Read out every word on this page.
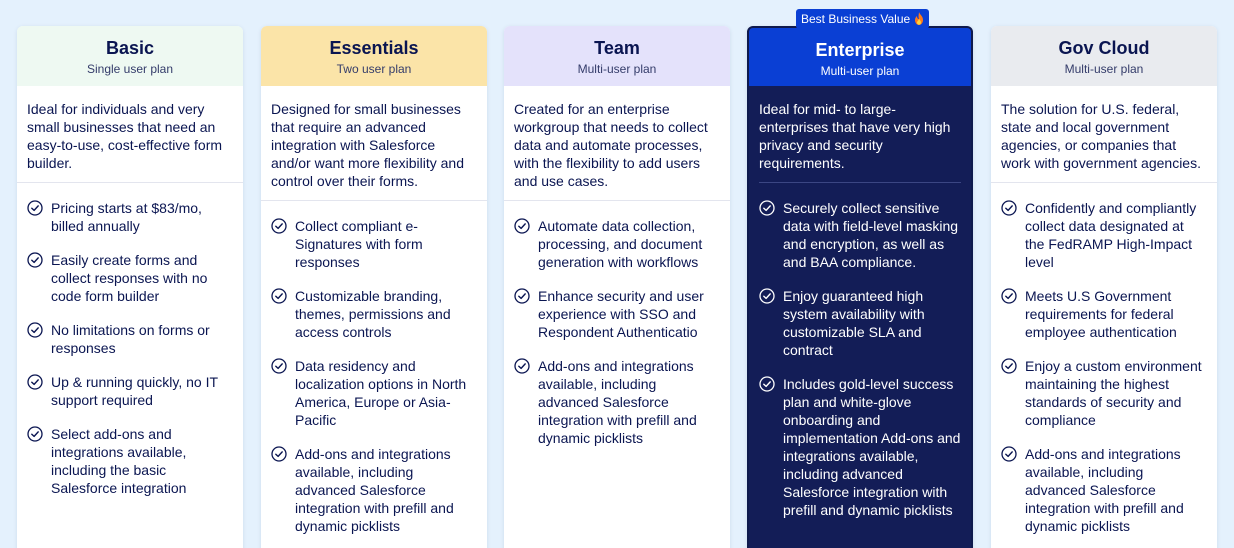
Best Business Value
Basic
Single user plan
Ideal for individuals and very small businesses that need an easy-to-use, cost-effective form builder.
Pricing starts at $83/mo, billed annually
Easily create forms and collect responses with no code form builder
No limitations on forms or responses
Up & running quickly, no IT support required
Select add-ons and integrations available, including the basic Salesforce integration
Essentials
Two user plan
Designed for small businesses that require an advanced integration with Salesforce and/or want more flexibility and control over their forms.
Collect compliant e-Signatures with form responses
Customizable branding, themes, permissions and access controls
Data residency and localization options in North America, Europe or Asia-Pacific
Add-ons and integrations available, including advanced Salesforce integration with prefill and dynamic picklists
Team
Multi-user plan
Created for an enterprise workgroup that needs to collect data and automate processes, with the flexibility to add users and use cases.
Automate data collection, processing, and document generation with workflows
Enhance security and user experience with SSO and Respondent Authenticatio
Add-ons and integrations available, including advanced Salesforce integration with prefill and dynamic picklists
Enterprise
Multi-user plan
Ideal for mid- to large-enterprises that have very high privacy and security requirements.
Securely collect sensitive data with field-level masking and encryption, as well as and BAA compliance.
Enjoy guaranteed high system availability with customizable SLA and contract
Includes gold-level success plan and white-glove onboarding and implementation Add-ons and integrations available, including advanced Salesforce integration with prefill and dynamic picklists
Gov Cloud
Multi-user plan
The solution for U.S. federal, state and local government agencies, or companies that work with government agencies.
Confidently and compliantly collect data designated at the FedRAMP High-Impact level
Meets U.S Government requirements for federal employee authentication
Enjoy a custom environment maintaining the highest standards of security and compliance
Add-ons and integrations available, including advanced Salesforce integration with prefill and dynamic picklists
